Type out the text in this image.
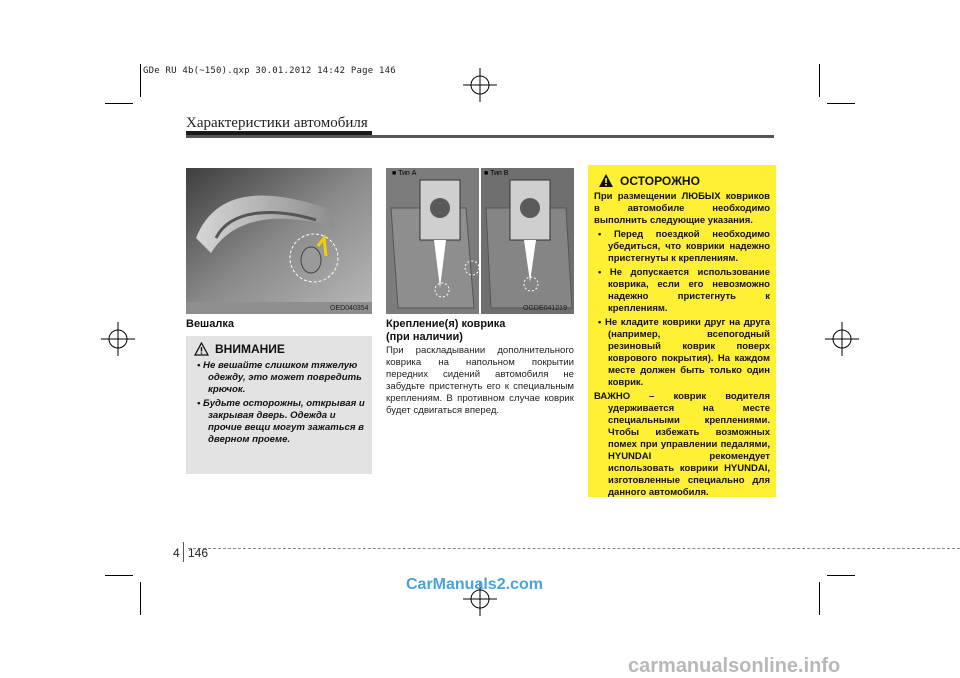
GDe RU 4b(~150).qxp 30.01.2012 14:42 Page 146
Характеристики автомобиля
OED040354
Вешалка
ВНИМАНИЕ
• Не вешайте слишком тяжелую одежду, это может повредить крючок.
• Будьте осторожны, открывая и закрывая дверь. Одежда и прочие вещи могут зажаться в дверном проеме.
■ Тип А	■ Тип В
OGDE041219
Крепление(я) коврика
(при наличии)
При раскладывании дополнительного коврика на напольном покрытии передних сидений автомобиля не забудьте пристегнуть его к специальным креплениям. В противном случае коврик будет сдвигаться вперед.
ОСТОРОЖНО
При размещении ЛЮБЫХ ковриков в автомобиле необходимо выполнить следующие указания.
• Перед поездкой необходимо убедиться, что коврики надежно пристегнуты к креплениям.
• Не допускается использование коврика, если его невозможно надежно пристегнуть к креплениям.
• Не кладите коврики друг на друга (например, всепогодный резиновый коврик поверх коврового покрытия). На каждом месте должен быть только один коврик.
ВАЖНО – коврик водителя удерживается на месте специальными креплениями. Чтобы избежать возможных помех при управлении педалями, HYUNDAI рекомендует использовать коврики HYUNDAI, изготовленные специально для данного автомобиля.
4 146
CarManuals2.com
carmanualsonline.info
